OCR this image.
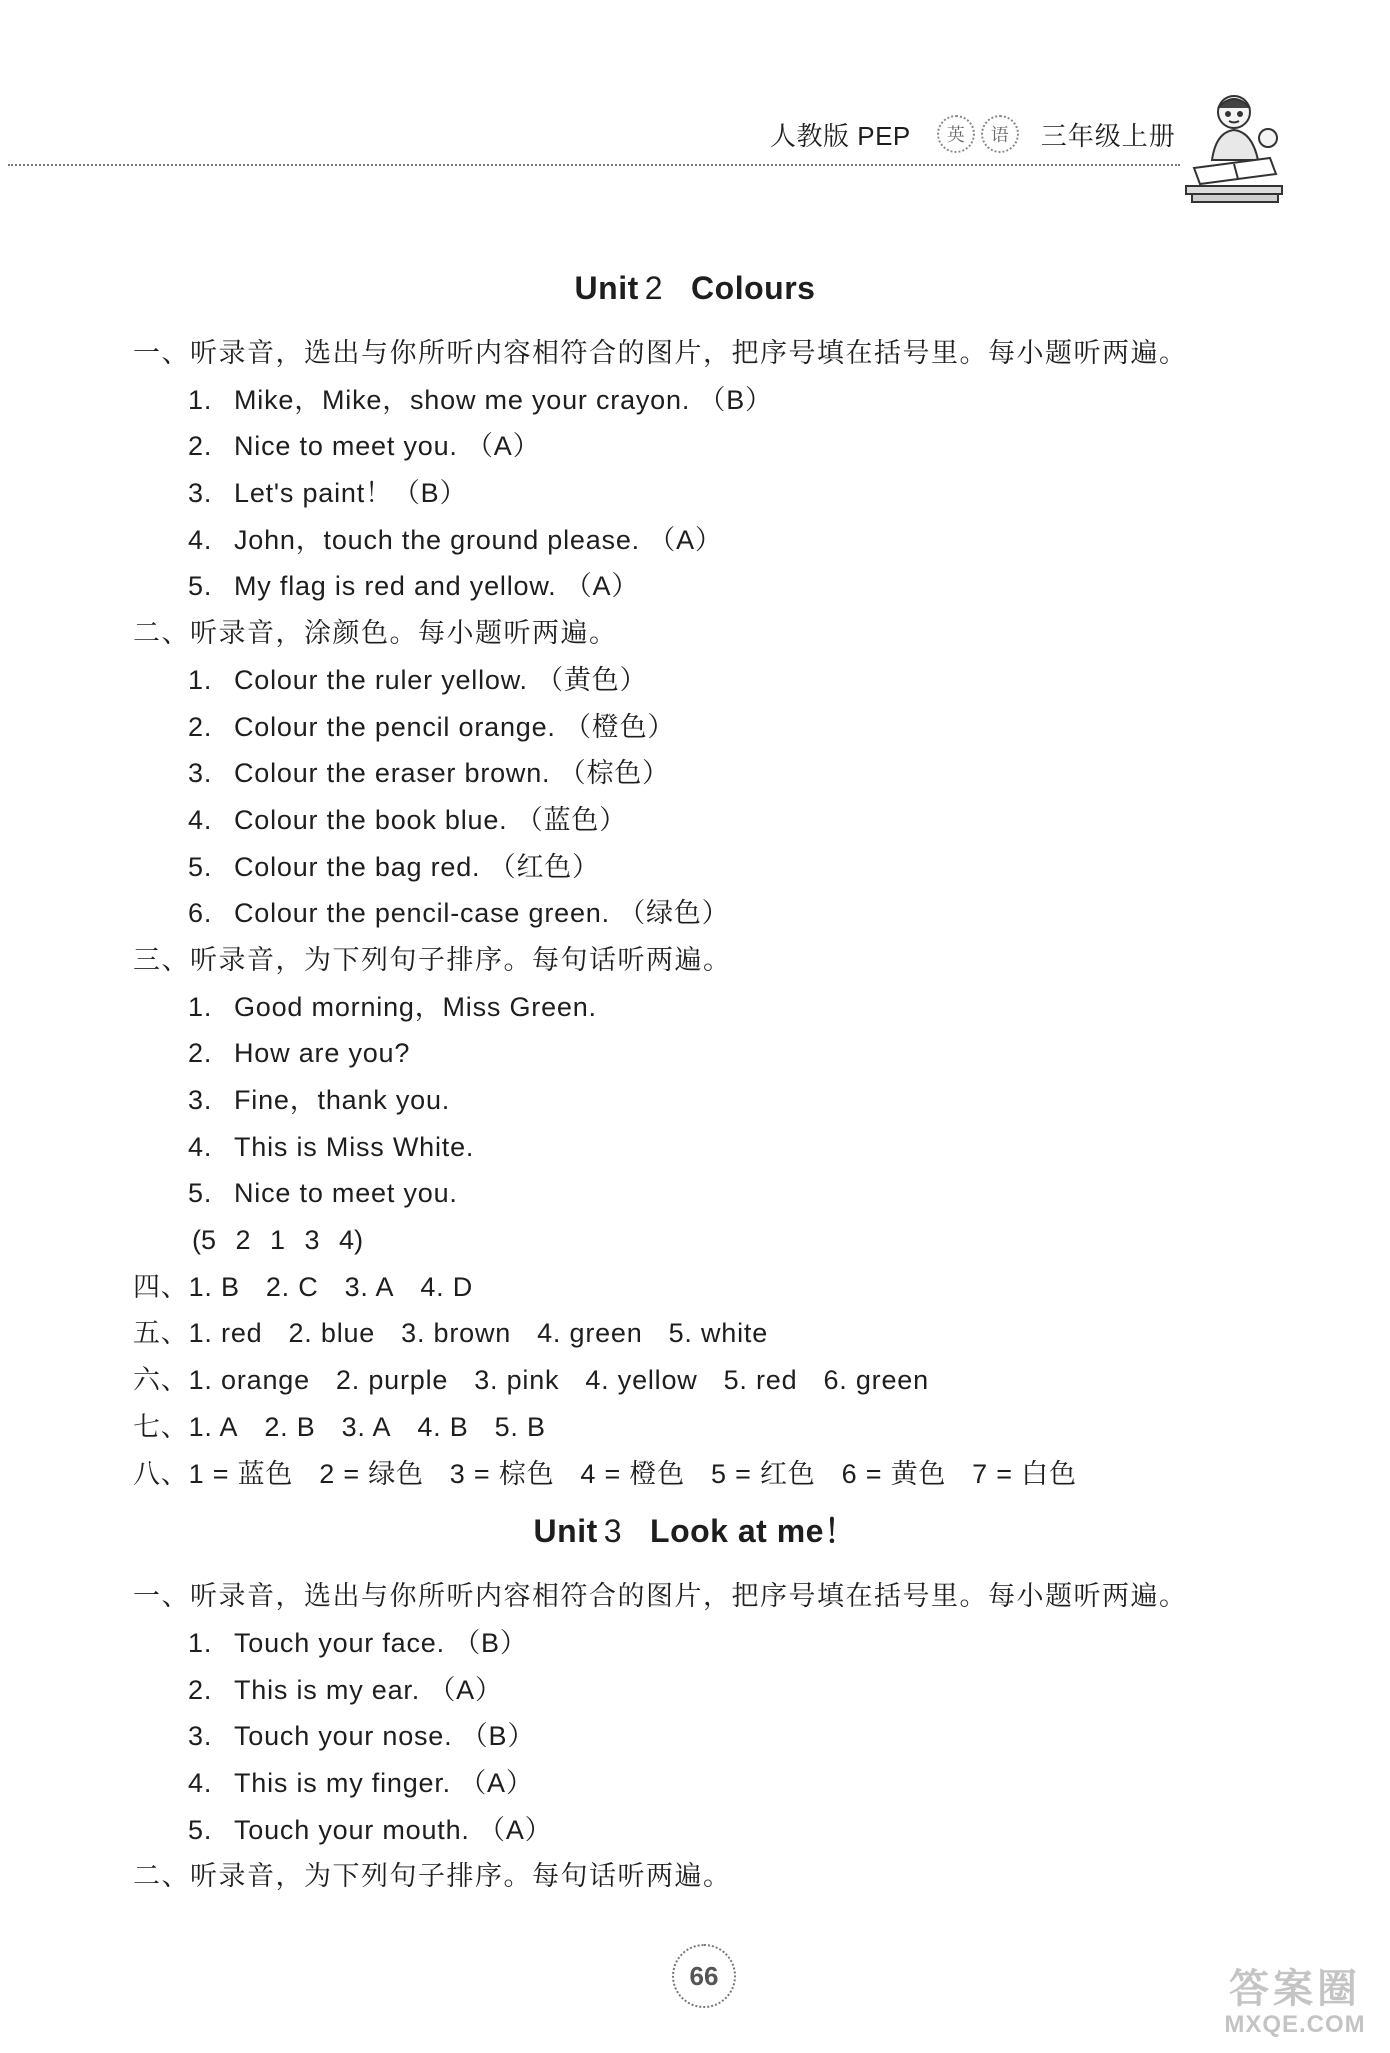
人教版 PEP	英	语	三年级上册
Unit 2 Colours
一、听录音，选出与你所听内容相符合的图片，把序号填在括号里。每小题听两遍。
1. Mike，Mike，show me your crayon. （B）
2. Nice to meet you. （A）
3. Let's paint！（B）
4. John，touch the ground please. （A）
5. My flag is red and yellow. （A）
二、听录音，涂颜色。每小题听两遍。
1. Colour the ruler yellow. （黄色）
2. Colour the pencil orange. （橙色）
3. Colour the eraser brown. （棕色）
4. Colour the book blue. （蓝色）
5. Colour the bag red. （红色）
6. Colour the pencil-case green. （绿色）
三、听录音，为下列句子排序。每句话听两遍。
1. Good morning，Miss Green.
2. How are you?
3. Fine，thank you.
4. This is Miss White.
5. Nice to meet you.
(5 2 1 3 4)
四、1. B 2. C 3. A 4. D
五、1. red 2. blue 3. brown 4. green 5. white
六、1. orange 2. purple 3. pink 4. yellow 5. red 6. green
七、1. A 2. B 3. A 4. B 5. B
八、1 = 蓝色 2 = 绿色 3 = 棕色 4 = 橙色 5 = 红色 6 = 黄色 7 = 白色
Unit 3 Look at me！
一、听录音，选出与你所听内容相符合的图片，把序号填在括号里。每小题听两遍。
1. Touch your face. （B）
2. This is my ear. （A）
3. Touch your nose. （B）
4. This is my finger. （A）
5. Touch your mouth. （A）
二、听录音，为下列句子排序。每句话听两遍。
66	答案圈
MXQE.COM
